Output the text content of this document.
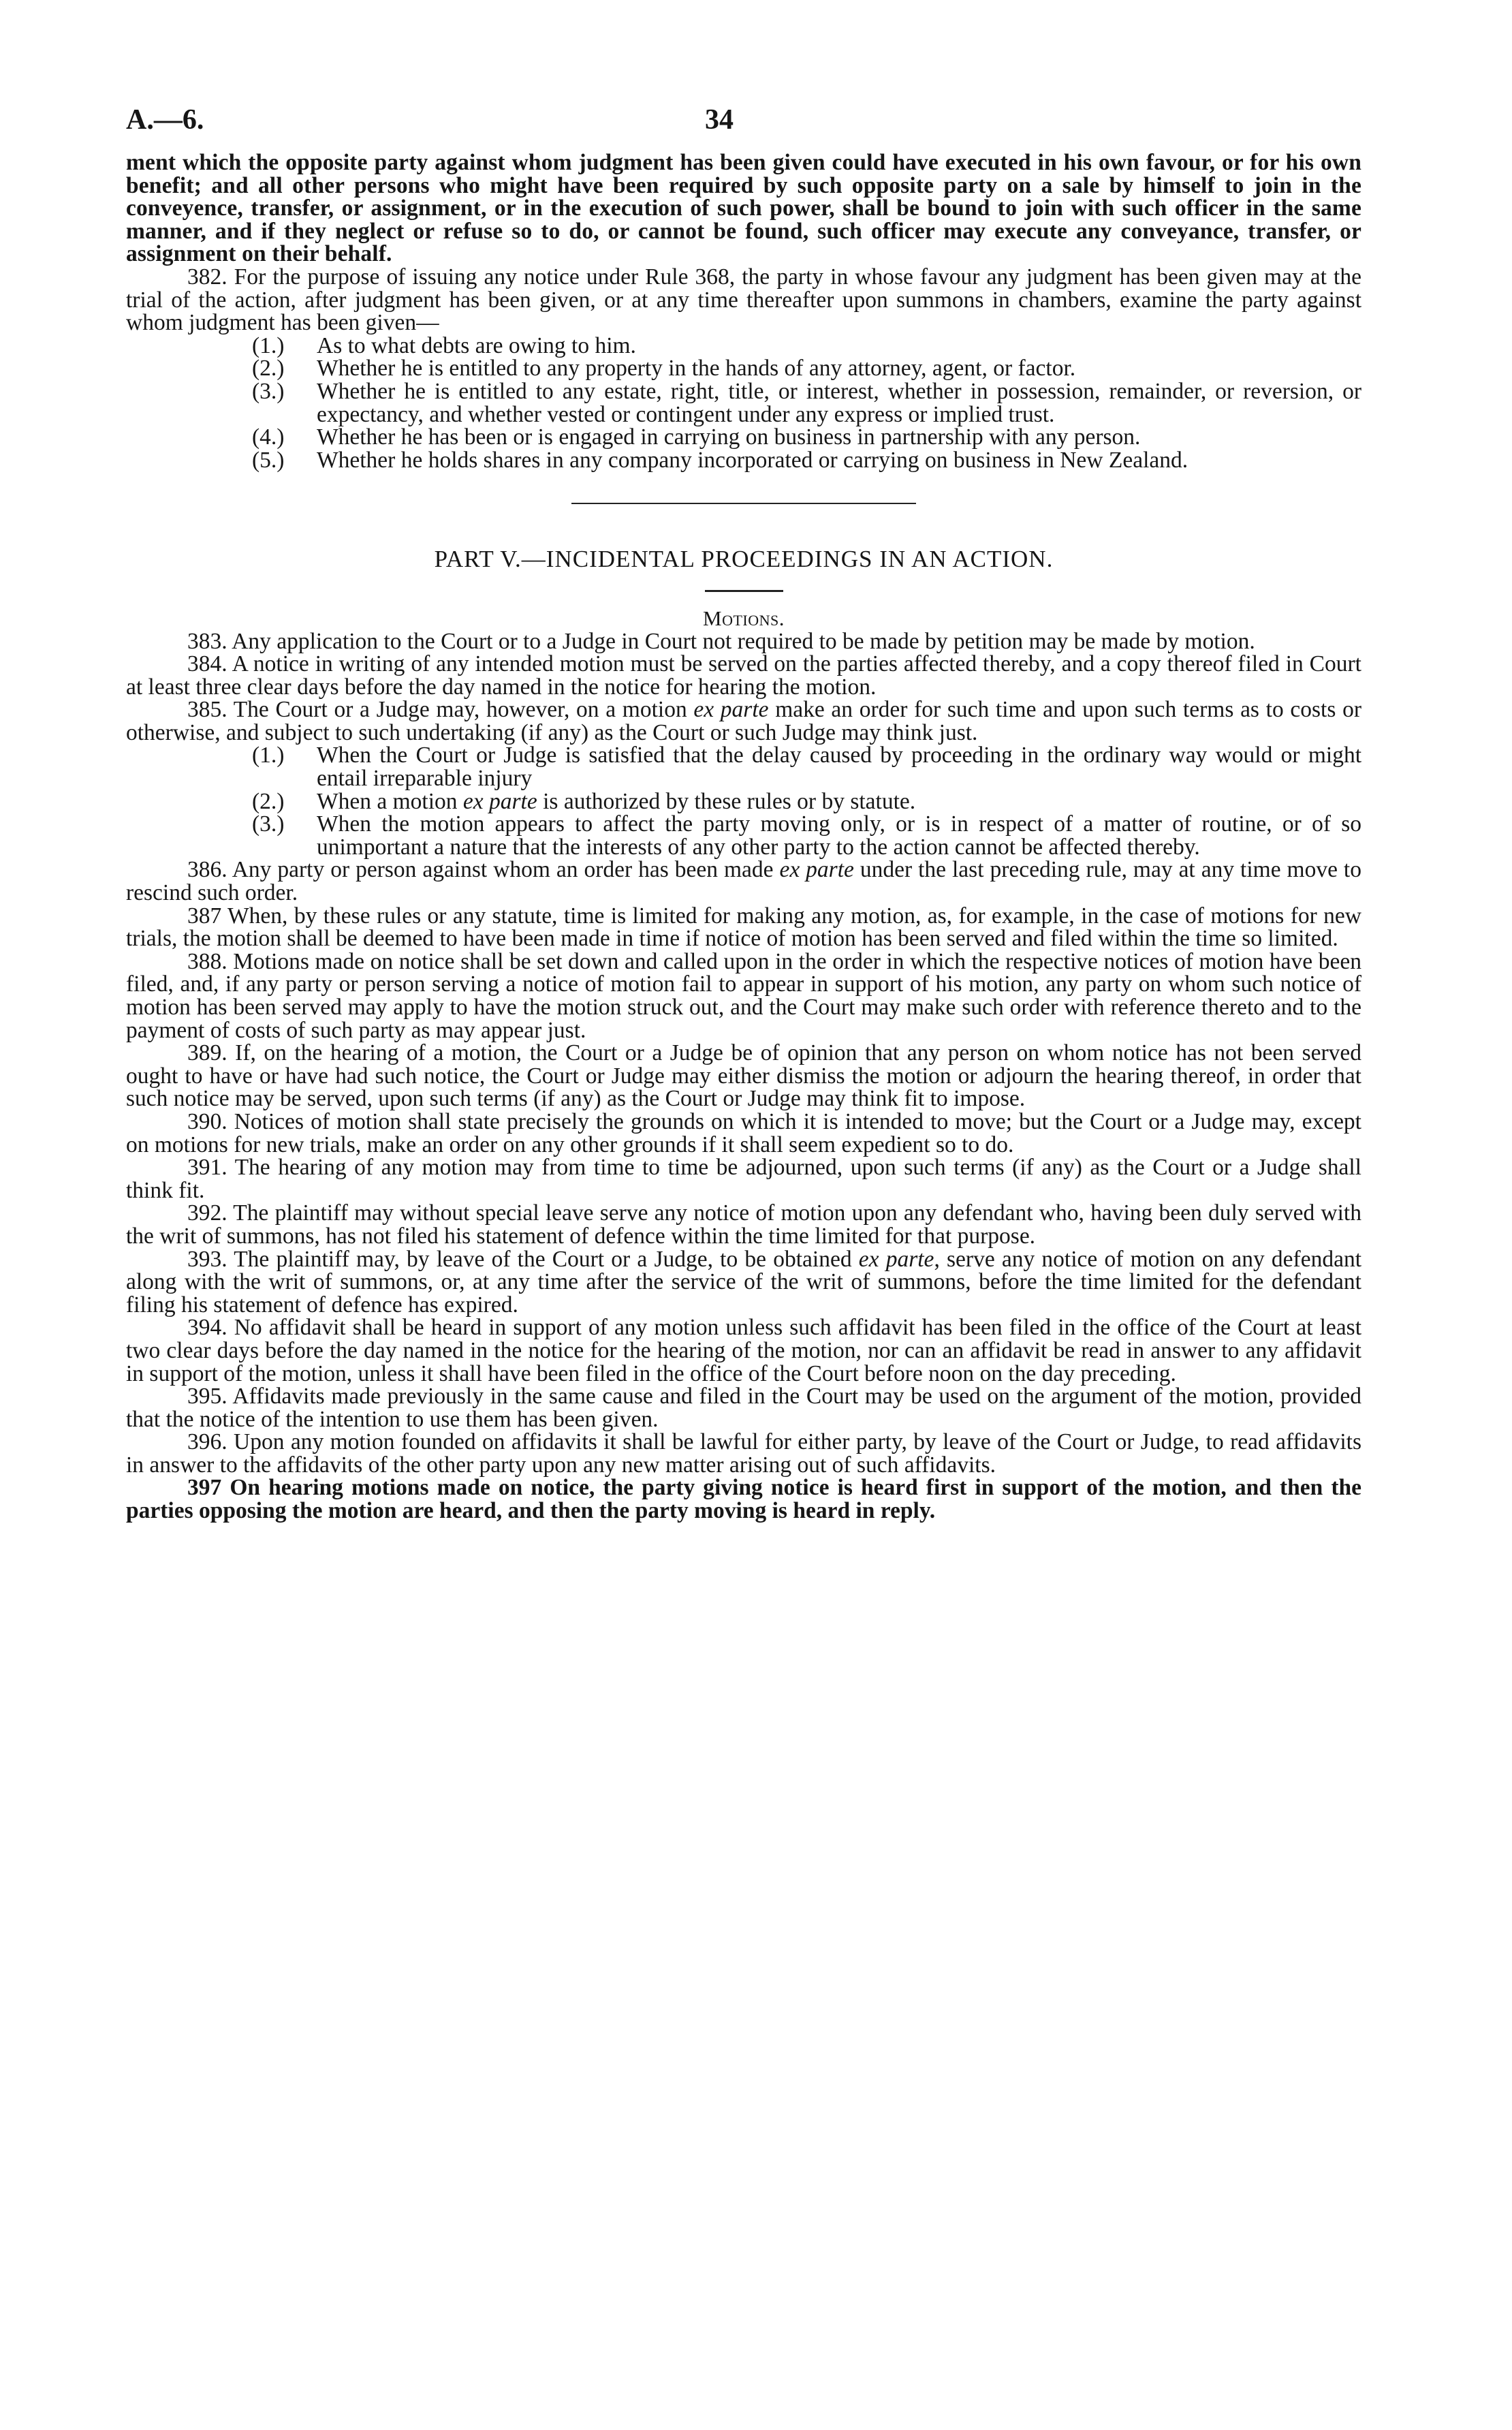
A.—6.	34

ment which the opposite party against whom judgment has been given could have executed in his own favour, or for his own benefit; and all other persons who might have been required by such opposite party on a sale by himself to join in the conveyence, transfer, or assignment, or in the execution of such power, shall be bound to join with such officer in the same manner, and if they neglect or refuse so to do, or cannot be found, such officer may execute any conveyance, transfer, or assignment on their behalf.

382. For the purpose of issuing any notice under Rule 368, the party in whose favour any judgment has been given may at the trial of the action, after judgment has been given, or at any time thereafter upon summons in chambers, examine the party against whom judgment has been given—

(1.) As to what debts are owing to him.

(2.) Whether he is entitled to any property in the hands of any attorney, agent, or factor.

(3.) Whether he is entitled to any estate, right, title, or interest, whether in possession, remainder, or reversion, or expectancy, and whether vested or contingent under any express or implied trust.

(4.) Whether he has been or is engaged in carrying on business in partnership with any person.

(5.) Whether he holds shares in any company incorporated or carrying on business in New Zealand.

PART V.—INCIDENTAL PROCEEDINGS IN AN ACTION.

Motions.

383. Any application to the Court or to a Judge in Court not required to be made by petition may be made by motion.

384. A notice in writing of any intended motion must be served on the parties affected thereby, and a copy thereof filed in Court at least three clear days before the day named in the notice for hearing the motion.

385. The Court or a Judge may, however, on a motion ex parte make an order for such time and upon such terms as to costs or otherwise, and subject to such undertaking (if any) as the Court or such Judge may think just.

(1.) When the Court or Judge is satisfied that the delay caused by proceeding in the ordinary way would or might entail irreparable injury

(2.) When a motion ex parte is authorized by these rules or by statute.

(3.) When the motion appears to affect the party moving only, or is in respect of a matter of routine, or of so unimportant a nature that the interests of any other party to the action cannot be affected thereby.

386. Any party or person against whom an order has been made ex parte under the last preceding rule, may at any time move to rescind such order.

387 When, by these rules or any statute, time is limited for making any motion, as, for example, in the case of motions for new trials, the motion shall be deemed to have been made in time if notice of motion has been served and filed within the time so limited.

388. Motions made on notice shall be set down and called upon in the order in which the respective notices of motion have been filed, and, if any party or person serving a notice of motion fail to appear in support of his motion, any party on whom such notice of motion has been served may apply to have the motion struck out, and the Court may make such order with reference thereto and to the payment of costs of such party as may appear just.

389. If, on the hearing of a motion, the Court or a Judge be of opinion that any person on whom notice has not been served ought to have or have had such notice, the Court or Judge may either dismiss the motion or adjourn the hearing thereof, in order that such notice may be served, upon such terms (if any) as the Court or Judge may think fit to impose.

390. Notices of motion shall state precisely the grounds on which it is intended to move; but the Court or a Judge may, except on motions for new trials, make an order on any other grounds if it shall seem expedient so to do.

391. The hearing of any motion may from time to time be adjourned, upon such terms (if any) as the Court or a Judge shall think fit.

392. The plaintiff may without special leave serve any notice of motion upon any defendant who, having been duly served with the writ of summons, has not filed his statement of defence within the time limited for that purpose.

393. The plaintiff may, by leave of the Court or a Judge, to be obtained ex parte, serve any notice of motion on any defendant along with the writ of summons, or, at any time after the service of the writ of summons, before the time limited for the defendant filing his statement of defence has expired.

394. No affidavit shall be heard in support of any motion unless such affidavit has been filed in the office of the Court at least two clear days before the day named in the notice for the hearing of the motion, nor can an affidavit be read in answer to any affidavit in support of the motion, unless it shall have been filed in the office of the Court before noon on the day preceding.

395. Affidavits made previously in the same cause and filed in the Court may be used on the argument of the motion, provided that the notice of the intention to use them has been given.

396. Upon any motion founded on affidavits it shall be lawful for either party, by leave of the Court or Judge, to read affidavits in answer to the affidavits of the other party upon any new matter arising out of such affidavits.

397 On hearing motions made on notice, the party giving notice is heard first in support of the motion, and then the parties opposing the motion are heard, and then the party moving is heard in reply.
